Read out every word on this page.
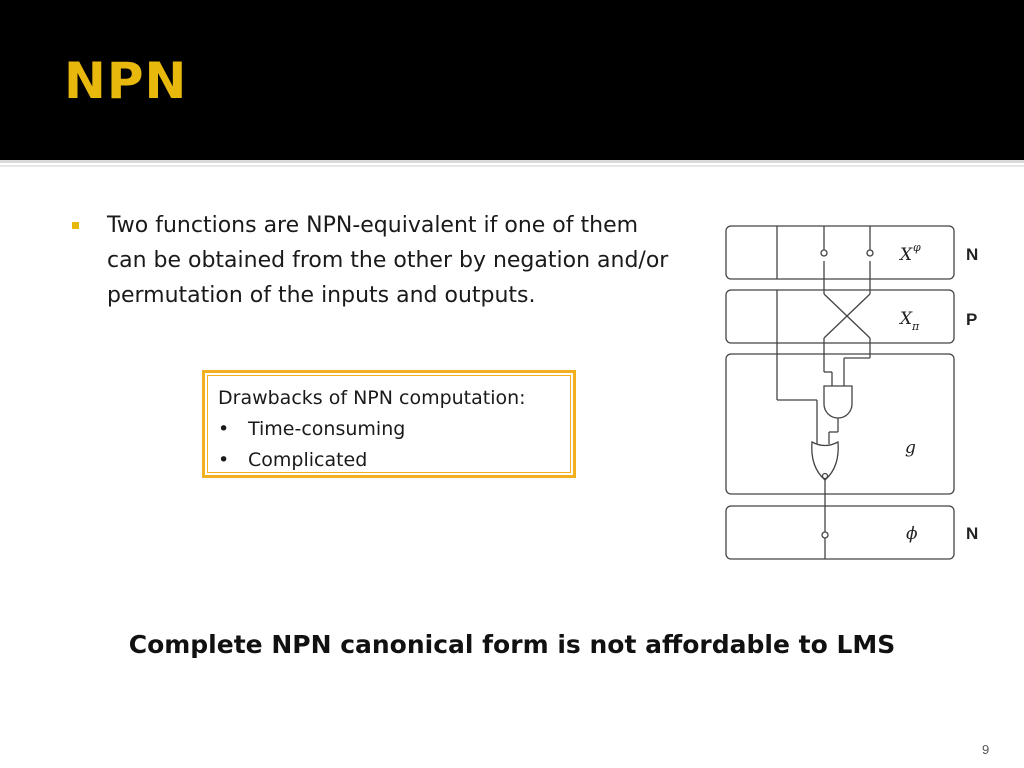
NPN
Two functions are NPN-equivalent if one of them
can be obtained from the other by negation and/or
permutation of the inputs and outputs.
Drawbacks of NPN computation:
• Time-consuming
• Complicated
X φ
X π
g
ϕ
N
P
N
Complete NPN canonical form is not affordable to LMS
9
